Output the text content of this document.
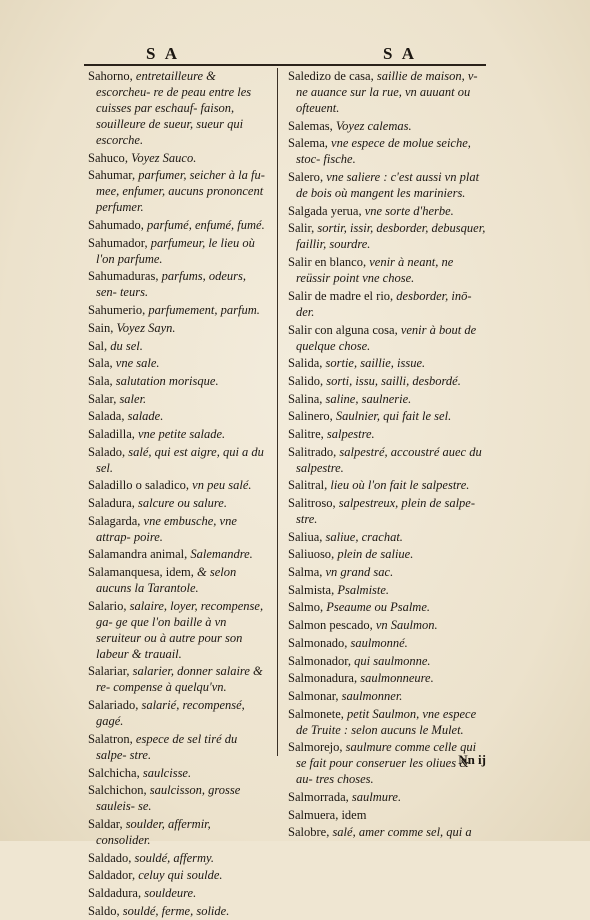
S A	S A

Sahorno, entretailleure & escorcheu- re de peau entre les cuisses par eschauf- faison, souilleure de sueur, sueur qui escorche.

Sahuco, Voyez Sauco.

Sahumar, parfumer, seicher à la fu- mee, enfumer, aucuns prononcent perfumer.

Sahumado, parfumé, enfumé, fumé.

Sahumador, parfumeur, le lieu où l'on parfume.

Sahumaduras, parfums, odeurs, sen- teurs.

Sahumerio, parfumement, parfum.

Sain, Voyez Sayn.

Sal, du sel.

Sala, vne sale.

Sala, salutation morisque.

Salar, saler.

Salada, salade.

Saladilla, vne petite salade.

Salado, salé, qui est aigre, qui a du sel.

Saladillo o saladico, vn peu salé.

Saladura, salcure ou salure.

Salagarda, vne embusche, vne attrap- poire.

Salamandra animal, Salemandre.

Salamanquesa, idem, & selon aucuns la Tarantole.

Salario, salaire, loyer, recompense, ga- ge que l'on baille à vn seruiteur ou à autre pour son labeur & trauail.

Salariar, salarier, donner salaire & re- compense à quelqu'vn.

Salariado, salarié, recompensé, gagé.

Salatron, espece de sel tiré du salpe- stre.

Salchicha, saulcisse.

Salchichon, saulcisson, grosse sauleis- se.

Saldar, soulder, affermir, consolider.

Saldado, souldé, affermy.

Saldador, celuy qui soulde.

Saldadura, souldeure.

Saldo, souldé, ferme, solide.

Saledizo de casa, saillie de maison, v- ne auance sur la rue, vn auuant ou ofteuent.

Salemas, Voyez calemas.

Salema, vne espece de molue seiche, stoc- fische.

Salero, vne saliere : c'est aussi vn plat de bois où mangent les mariniers.

Salgada yerua, vne sorte d'herbe.

Salir, sortir, issir, desborder, debusquer, faillir, sourdre.

Salir en blanco, venir à neant, ne reüssir point vne chose.

Salir de madre el rio, desborder, inō- der.

Salir con alguna cosa, venir à bout de quelque chose.

Salida, sortie, saillie, issue.

Salido, sorti, issu, sailli, desbordé.

Salina, saline, saulnerie.

Salinero, Saulnier, qui fait le sel.

Salitre, salpestre.

Salitrado, salpestré, accoustré auec du salpestre.

Salitral, lieu où l'on fait le salpestre.

Salitroso, salpestreux, plein de salpe- stre.

Saliua, saliue, crachat.

Saliuoso, plein de saliue.

Salma, vn grand sac.

Salmista, Psalmiste.

Salmo, Pseaume ou Psalme.

Salmon pescado, vn Saulmon.

Salmonado, saulmonné.

Salmonador, qui saulmonne.

Salmonadura, saulmonneure.

Salmonar, saulmonner.

Salmonete, petit Saulmon, vne espece de Truite : selon aucuns le Mulet.

Salmorejo, saulmure comme celle qui se fait pour conseruer les oliues & au- tres choses.

Salmorrada, saulmure.

Salmuera, idem

Salobre, salé, amer comme sel, qui a

Nn ij
